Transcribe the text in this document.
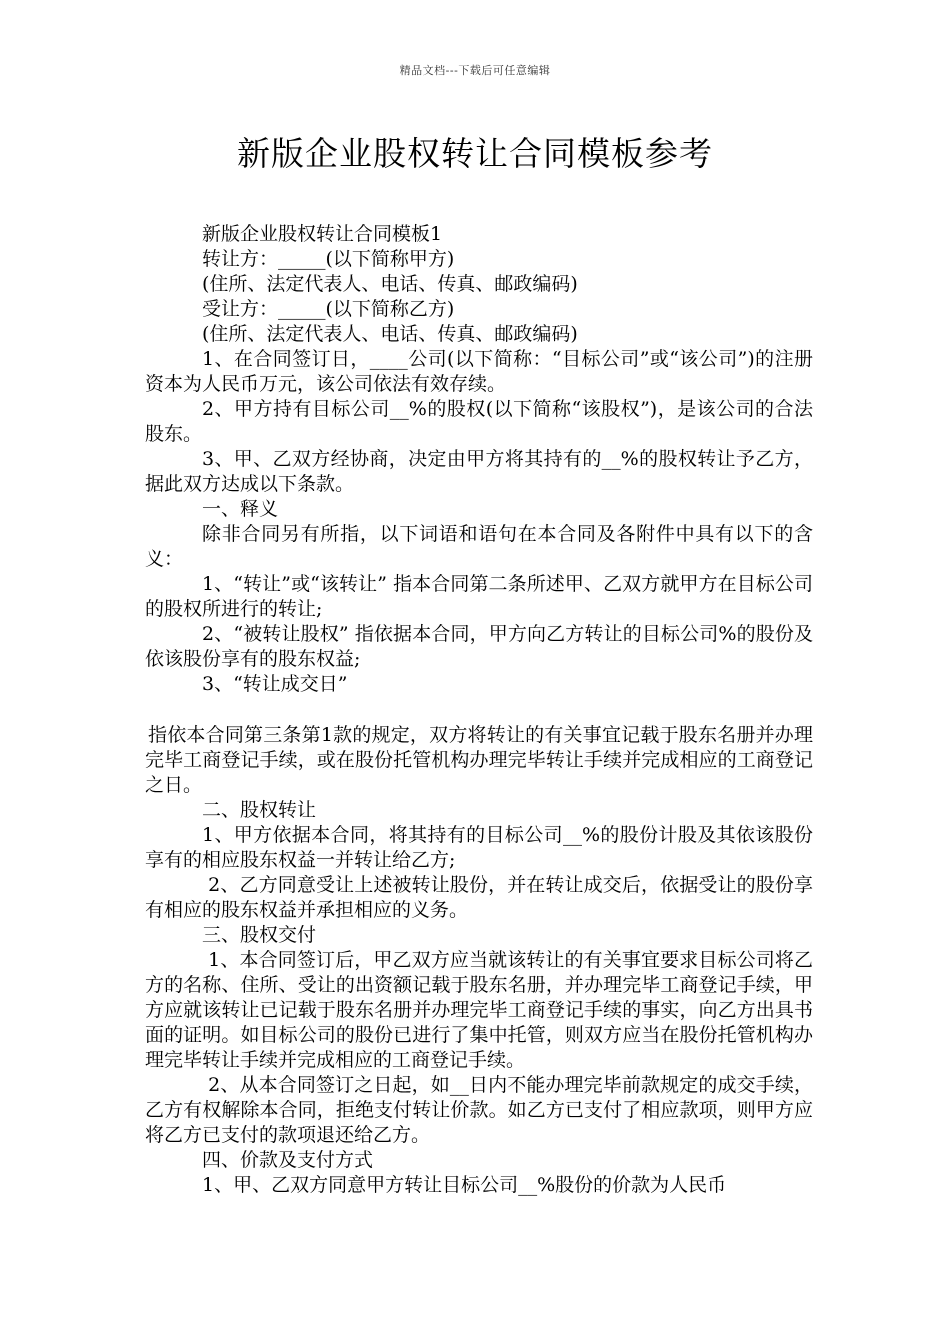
精品文档---下载后可任意编辑
新版企业股权转让合同模板参考

新版企业股权转让合同模板1

转让方：_____(以下简称甲方)

(住所、法定代表人、电话、传真、邮政编码)

受让方：_____(以下简称乙方)

(住所、法定代表人、电话、传真、邮政编码)

1、在合同签订日，____公司(以下简称：“目标公司”或“该公司”)的注册资本为人民币万元，该公司依法有效存续。

2、甲方持有目标公司__%的股权(以下简称“该股权”)，是该公司的合法股东。

3、甲、乙双方经协商，决定由甲方将其持有的__%的股权转让予乙方，据此双方达成以下条款。

一、释义

除非合同另有所指，以下词语和语句在本合同及各附件中具有以下的含义：

1、“转让”或“该转让” 指本合同第二条所述甲、乙双方就甲方在目标公司的股权所进行的转让;

2、“被转让股权” 指依据本合同，甲方向乙方转让的目标公司%的股份及依该股份享有的股东权益;

3、“转让成交日”

指依本合同第三条第1款的规定，双方将转让的有关事宜记载于股东名册并办理完毕工商登记手续，或在股份托管机构办理完毕转让手续并完成相应的工商登记之日。

二、股权转让

1、甲方依据本合同，将其持有的目标公司__%的股份计股及其依该股份享有的相应股东权益一并转让给乙方;

2、乙方同意受让上述被转让股份，并在转让成交后，依据受让的股份享有相应的股东权益并承担相应的义务。

三、股权交付

1、本合同签订后，甲乙双方应当就该转让的有关事宜要求目标公司将乙方的名称、住所、受让的出资额记载于股东名册，并办理完毕工商登记手续，甲方应就该转让已记载于股东名册并办理完毕工商登记手续的事实，向乙方出具书面的证明。如目标公司的股份已进行了集中托管，则双方应当在股份托管机构办理完毕转让手续并完成相应的工商登记手续。

2、从本合同签订之日起，如__日内不能办理完毕前款规定的成交手续，乙方有权解除本合同，拒绝支付转让价款。如乙方已支付了相应款项，则甲方应将乙方已支付的款项退还给乙方。

四、价款及支付方式

1、甲、乙双方同意甲方转让目标公司__%股份的价款为人民币
